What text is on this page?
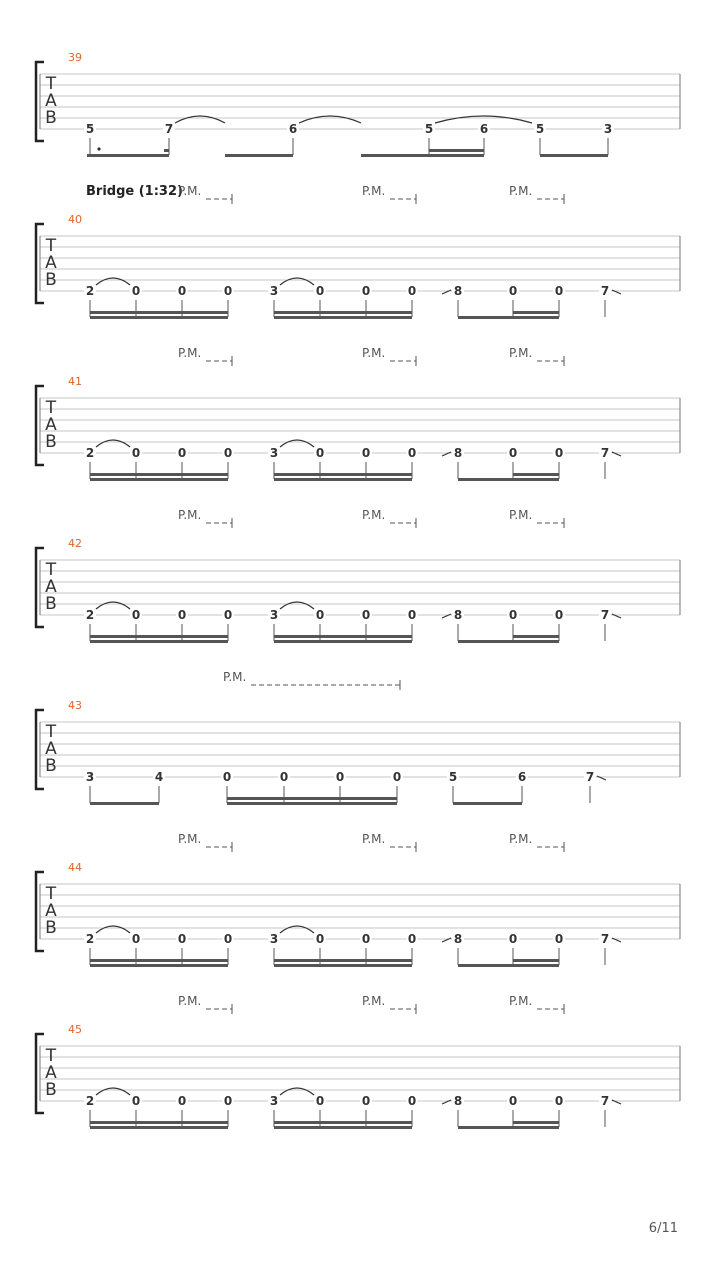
39
T
A
B
5	7	6	5	6	5	3
40
Bridge (1:32)
T
A
B
2	0	0	0	3	0	0	0	8	0	0	7
P.M.	P.M.	P.M.
41
T
A
B
2	0	0	0	3	0	0	0	8	0	0	7
P.M.	P.M.	P.M.
42
T
A
B
2	0	0	0	3	0	0	0	8	0	0	7
P.M.	P.M.	P.M.
43
T
A
B
3	4	0	0	0	0	5	6	7
P.M.
44
T
A
B
2	0	0	0	3	0	0	0	8	0	0	7
P.M.	P.M.	P.M.
45
T
A
B
2	0	0	0	3	0	0	0	8	0	0	7
P.M.	P.M.	P.M.
6/11
